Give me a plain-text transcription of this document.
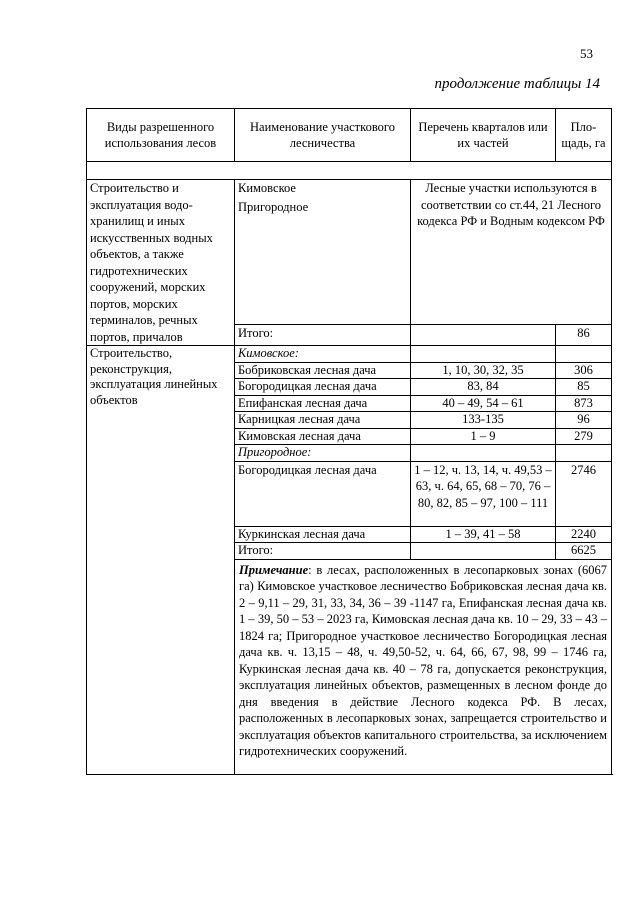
53
продолжение таблицы 14
Виды разрешенного использования лесов	Наименование участкового лесничества	Перечень кварталов или их частей	Пло-щадь, га

Строительство и эксплуатация водо-хранилищ и иных искусственных водных объектов, а также гидротехнических сооружений, морских портов, морских терминалов, речных портов, причалов	Кимовское	Лесные участки используются в соответствии со ст.44, 21 Лесного кодекса РФ и Водным кодексом РФ	
	Пригородное		
	Итого:		86
Строительство, реконструкция, эксплуатация линейных объектов	Кимовское:		
	Бобриковская лесная дача	1, 10, 30, 32, 35	306
	Богородицкая лесная дача	83, 84	85
	Епифанская лесная дача	40 – 49, 54 – 61	873
	Карницкая лесная дача	133-135	96
	Кимовская лесная дача	1 – 9	279
	Пригородное:		
	Богородицкая лесная дача	1 – 12, ч. 13, 14, ч. 49,53 – 63, ч. 64, 65, 68 – 70, 76 – 80, 82, 85 – 97, 100 – 111	2746
	Куркинская лесная дача	1 – 39, 41 – 58	2240
	Итого:		6625
	Примечание: в лесах, расположенных в лесопарковых зонах (6067 га) Кимовское участковое лесничество Бобриковская лесная дача кв. 2 – 9,11 – 29, 31, 33, 34, 36 – 39 -1147 га, Епифанская лесная дача кв. 1 – 39, 50 – 53 – 2023 га, Кимовская лесная дача кв. 10 – 29, 33 – 43 – 1824 га; Пригородное участковое лесничество Богородицкая лесная дача кв. ч. 13,15 – 48, ч. 49,50-52, ч. 64, 66, 67, 98, 99 – 1746 га, Куркинская лесная дача кв. 40 – 78 га, допускается реконструкция, эксплуатация линейных объектов, размещенных в лесном фонде до дня введения в действие Лесного кодекса РФ. В лесах, расположенных в лесопарковых зонах, запрещается строительство и эксплуатация объектов капитального строительства, за исключением гидротехнических сооружений.		
